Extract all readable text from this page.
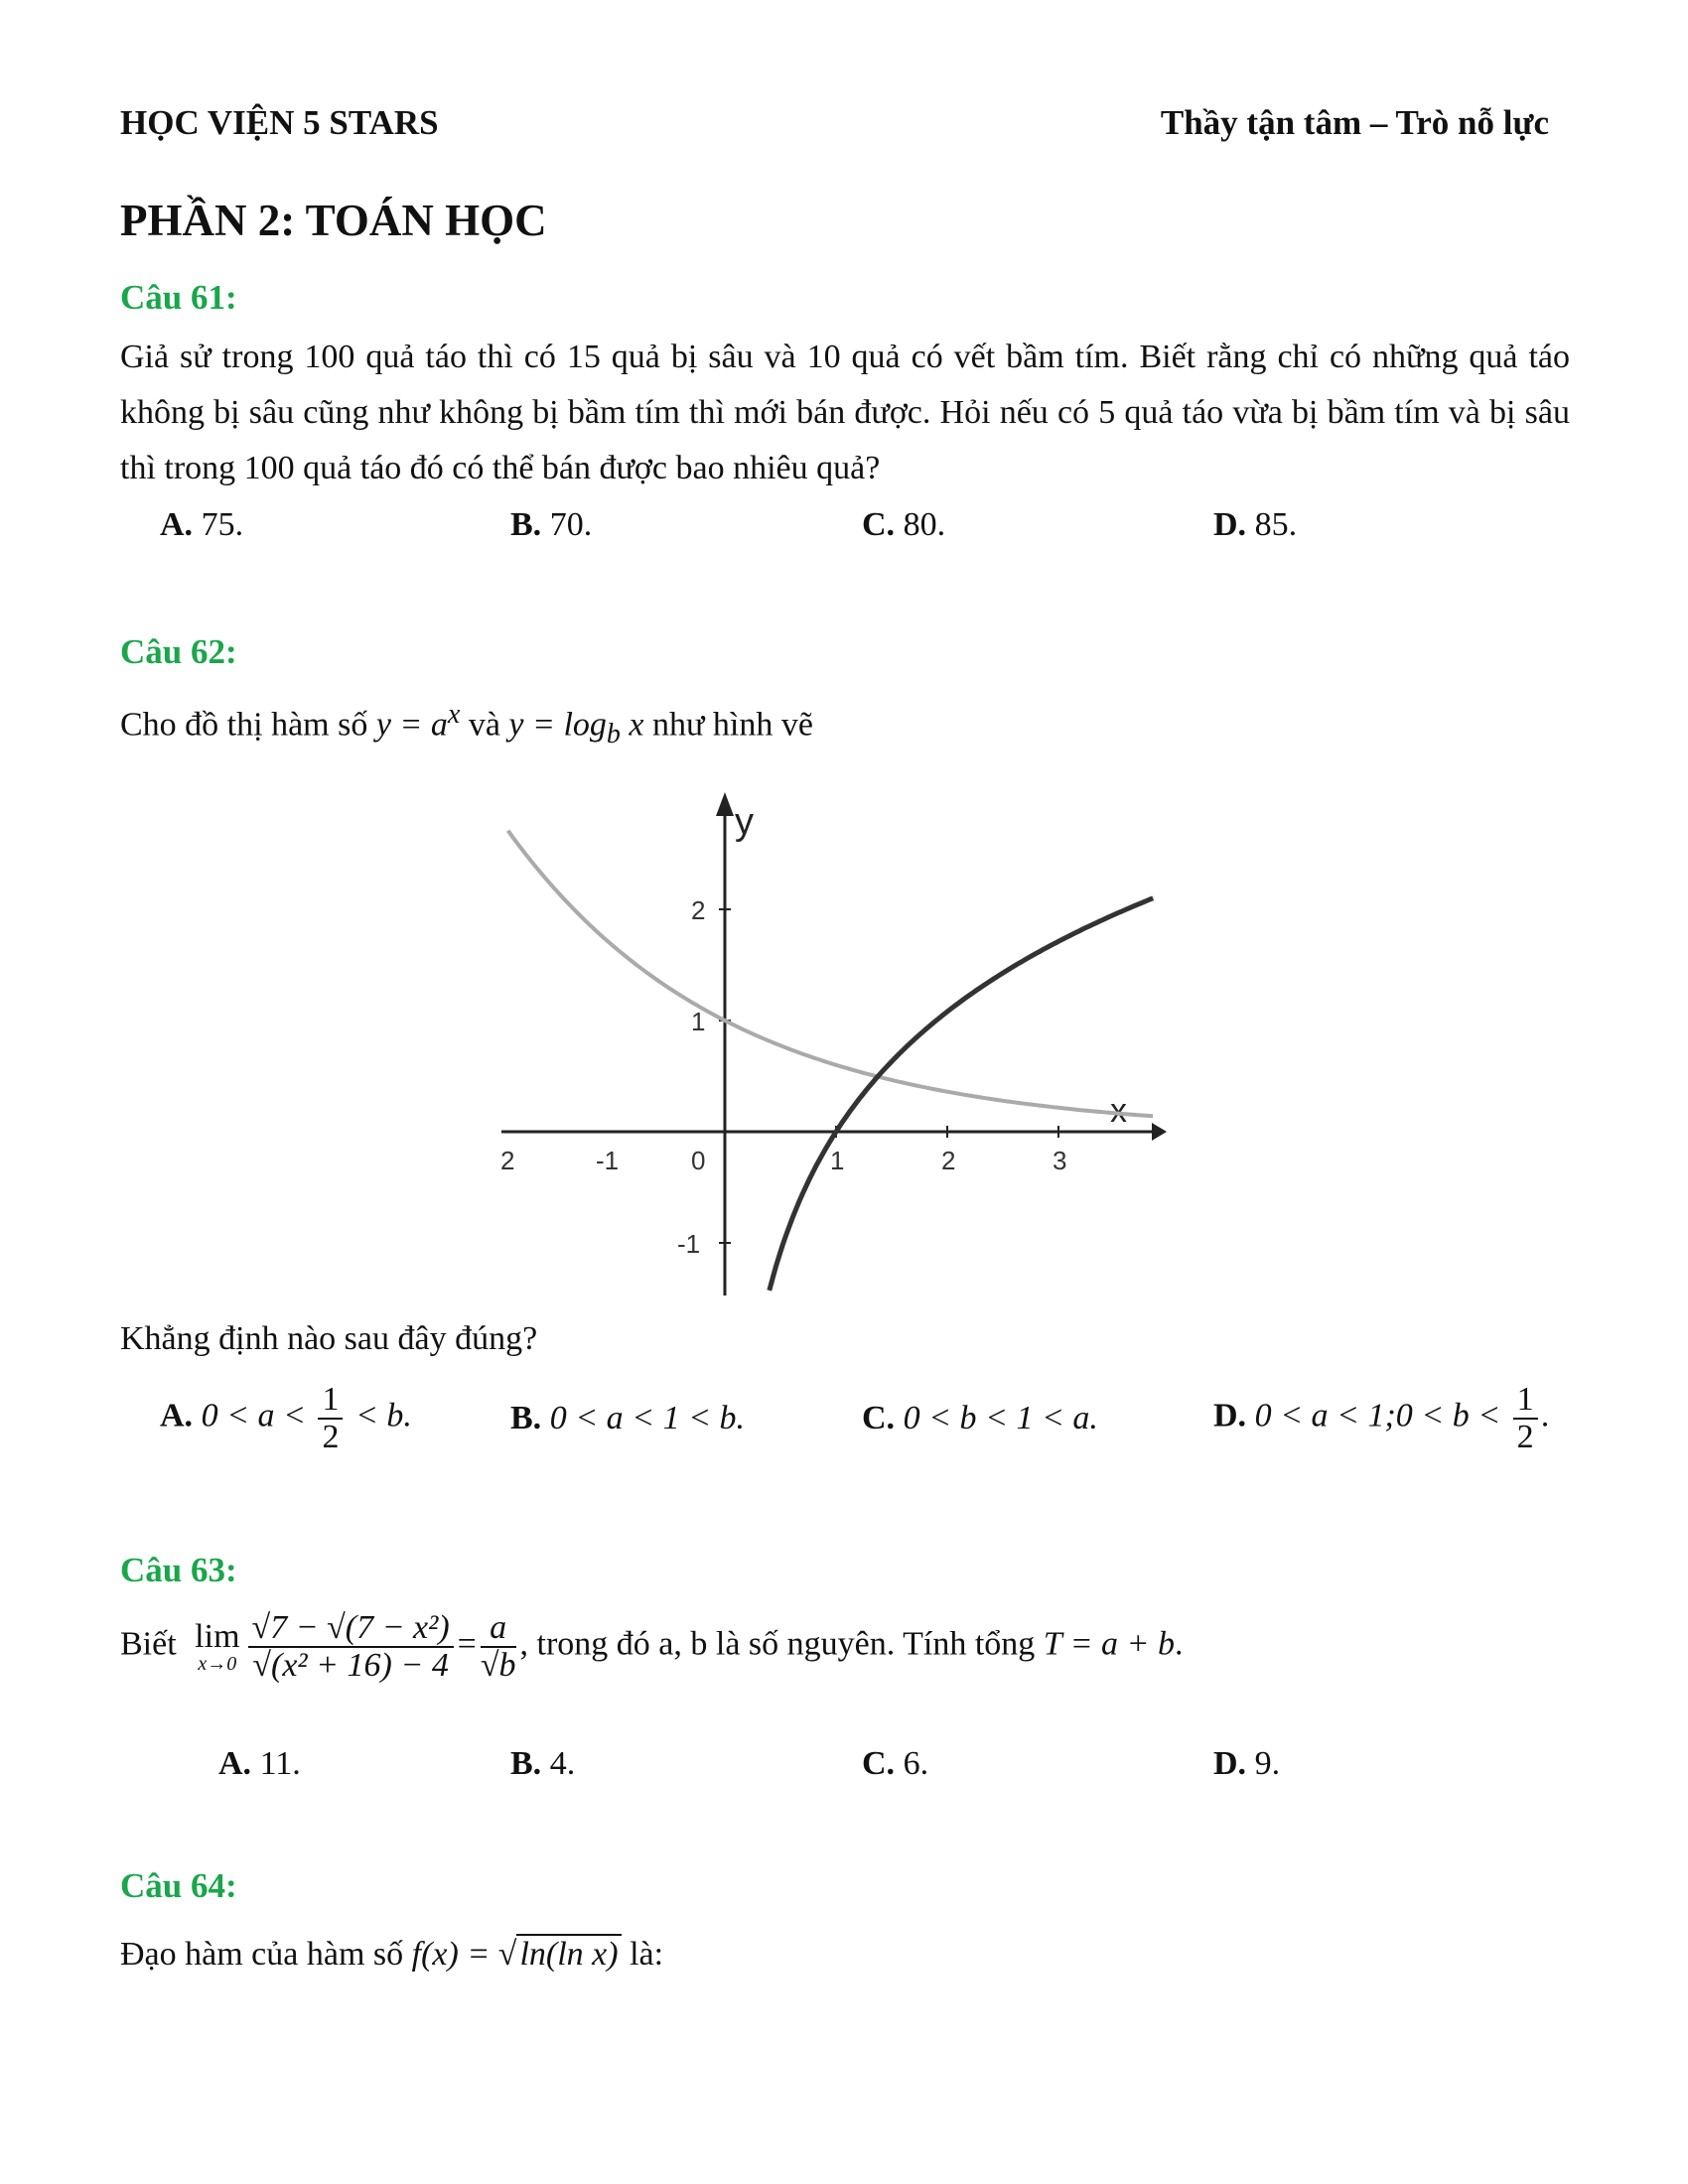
HỌC VIỆN 5 STARS	Thầy tận tâm – Trò nỗ lực
PHẦN 2: TOÁN HỌC
Câu 61:
Giả sử trong 100 quả táo thì có 15 quả bị sâu và 10 quả có vết bầm tím. Biết rằng chỉ có những quả táo không bị sâu cũng như không bị bầm tím thì mới bán được. Hỏi nếu có 5 quả táo vừa bị bầm tím và bị sâu thì trong 100 quả táo đó có thể bán được bao nhiêu quả?
A. 75.	B. 70.	C. 80.	D. 85.
Câu 62:
Cho đồ thị hàm số $y = a^x$ và $y = \log_b x$ như hình vẽ
y
x
2	-1	0	1	2	3
2
1
-1
Khẳng định nào sau đây đúng?
A. $0 < a < \frac{1}{2} < b$.	B. 0 < a < 1 < b.	C. 0 < b < 1 < a.	D. 0 < a < 1;0 < $b < \frac{1}{2}$ .
Câu 63:
Biết lim
$x\to 0 \frac{\text{√7 − √(7 − x²)}}{\text{√(x² + 16) − 4}} = \frac{a}{√b}$ , trong đó a, b là số nguyên. Tính tổng T = a + b.
A. 11.	B. 4.	C. 6.	D. 9.
Câu 64:
Đạo hàm của hàm số f(x) = √ln(ln x) là:
